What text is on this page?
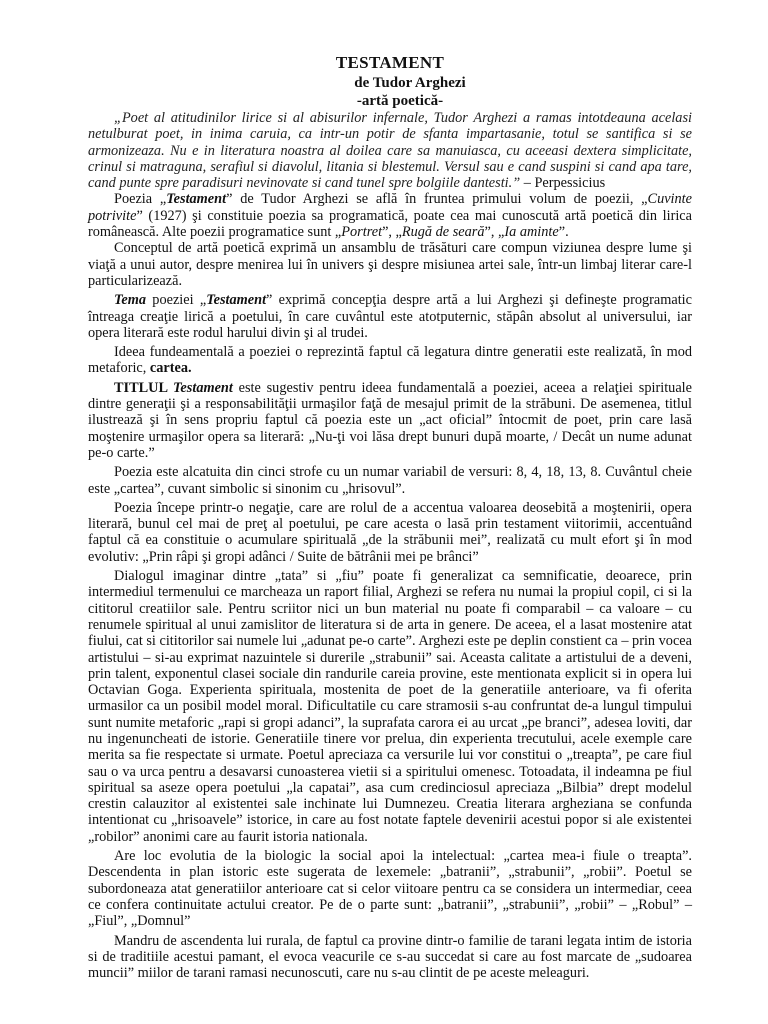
TESTAMENT
de Tudor Arghezi
-artă poetică-

„Poet al atitudinilor lirice si al abisurilor infernale, Tudor Arghezi a ramas intotdeauna acelasi netulburat poet, in inima caruia, ca intr-un potir de sfanta impartasanie, totul se santifica si se armonizeaza. Nu e in literatura noastra al doilea care sa manuiasca, cu aceeasi dextera simplicitate, crinul si matraguna, serafiul si diavolul, litania si blestemul. Versul sau e cand suspini si cand apa tare, cand punte spre paradisuri nevinovate si cand tunel spre bolgiile dantesti.” – Perpessicius

Poezia „Testament” de Tudor Arghezi se află în fruntea primului volum de poezii, „Cuvinte potrivite” (1927) şi constituie poezia sa programatică, poate cea mai cunoscută artă poetică din lirica românească. Alte poezii programatice sunt „Portret”, „Rugă de seară”, „Ia aminte”.

Conceptul de artă poetică exprimă un ansamblu de trăsături care compun viziunea despre lume şi viaţă a unui autor, despre menirea lui în univers şi despre misiunea artei sale, într-un limbaj literar care-l particularizează.

Tema poeziei „Testament” exprimă concepţia despre artă a lui Arghezi şi defineşte programatic întreaga creaţie lirică a poetului, în care cuvântul este atotputernic, stăpân absolut al universului, iar opera literară este rodul harului divin şi al trudei.

Ideea fundeamentală a poeziei o reprezintă faptul că legatura dintre generatii este realizată, în mod metaforic, cartea.

TITLUL Testament este sugestiv pentru ideea fundamentală a poeziei, aceea a relaţiei spirituale dintre generaţii şi a responsabilităţii urmaşilor faţă de mesajul primit de la străbuni. De asemenea, titlul ilustrează şi în sens propriu faptul că poezia este un „act oficial” întocmit de poet, prin care lasă moştenire urmaşilor opera sa literară: „Nu-ţi voi lăsa drept bunuri după moarte, / Decât un nume adunat pe-o carte.”

Poezia este alcatuita din cinci strofe cu un numar variabil de versuri: 8, 4, 18, 13, 8. Cuvântul cheie este „cartea”, cuvant simbolic si sinonim cu „hrisovul”.

Poezia începe printr-o negaţie, care are rolul de a accentua valoarea deosebită a moştenirii, opera literară, bunul cel mai de preţ al poetului, pe care acesta o lasă prin testament viitorimii, accentuând faptul că ea constituie o acumulare spirituală „de la străbunii mei”, realizată cu mult efort şi în mod evolutiv: „Prin râpi şi gropi adânci / Suite de bătrânii mei pe brânci”

Dialogul imaginar dintre „tata” si „fiu” poate fi generalizat ca semnificatie, deoarece, prin intermediul termenului ce marcheaza un raport filial, Arghezi se refera nu numai la propiul copil, ci si la cititorul creatiilor sale. Pentru scriitor nici un bun material nu poate fi comparabil – ca valoare – cu renumele spiritual al unui zamislitor de literatura si de arta in genere. De aceea, el a lasat mostenire atat fiului, cat si cititorilor sai numele lui „adunat pe-o carte”. Arghezi este pe deplin constient ca – prin vocea artistului – si-au exprimat nazuintele si durerile „strabunii” sai. Aceasta calitate a artistului de a deveni, prin talent, exponentul clasei sociale din randurile careia provine, este mentionata explicit si in opera lui Octavian Goga. Experienta spirituala, mostenita de poet de la generatiile anterioare, va fi oferita urmasilor ca un posibil model moral. Dificultatile cu care stramosii s-au confruntat de-a lungul timpului sunt numite metaforic „rapi si gropi adanci”, la suprafata carora ei au urcat „pe branci”, adesea loviti, dar nu ingenuncheati de istorie. Generatiile tinere vor prelua, din experienta trecutului, acele exemple care merita sa fie respectate si urmate. Poetul apreciaza ca versurile lui vor constitui o „treapta”, pe care fiul sau o va urca pentru a desavarsi cunoasterea vietii si a spiritului omenesc. Totoadata, il indeamna pe fiul spiritual sa aseze opera poetului „la capatai”, asa cum credinciosul apreciaza „Bilbia” drept modelul crestin calauzitor al existentei sale inchinate lui Dumnezeu. Creatia literara argheziana se confunda intentionat cu „hrisoavele” istorice, in care au fost notate faptele devenirii acestui popor si ale existentei „robilor” anonimi care au faurit istoria nationala.

Are loc evolutia de la biologic la social apoi la intelectual: „cartea mea-i fiule o treapta”. Descendenta in plan istoric este sugerata de lexemele: „batranii”, „strabunii”, „robii”. Poetul se subordoneaza atat generatiilor anterioare cat si celor viitoare pentru ca se considera un intermediar, ceea ce confera continuitate actului creator. Pe de o parte sunt: „batranii”, „strabunii”, „robii” – „Robul” – „Fiul”, „Domnul”

Mandru de ascendenta lui rurala, de faptul ca provine dintr-o familie de tarani legata intim de istoria si de traditiile acestui pamant, el evoca veacurile ce s-au succedat si care au fost marcate de „sudoarea muncii” miilor de tarani ramasi necunoscuti, care nu s-au clintit de pe aceste meleaguri.
